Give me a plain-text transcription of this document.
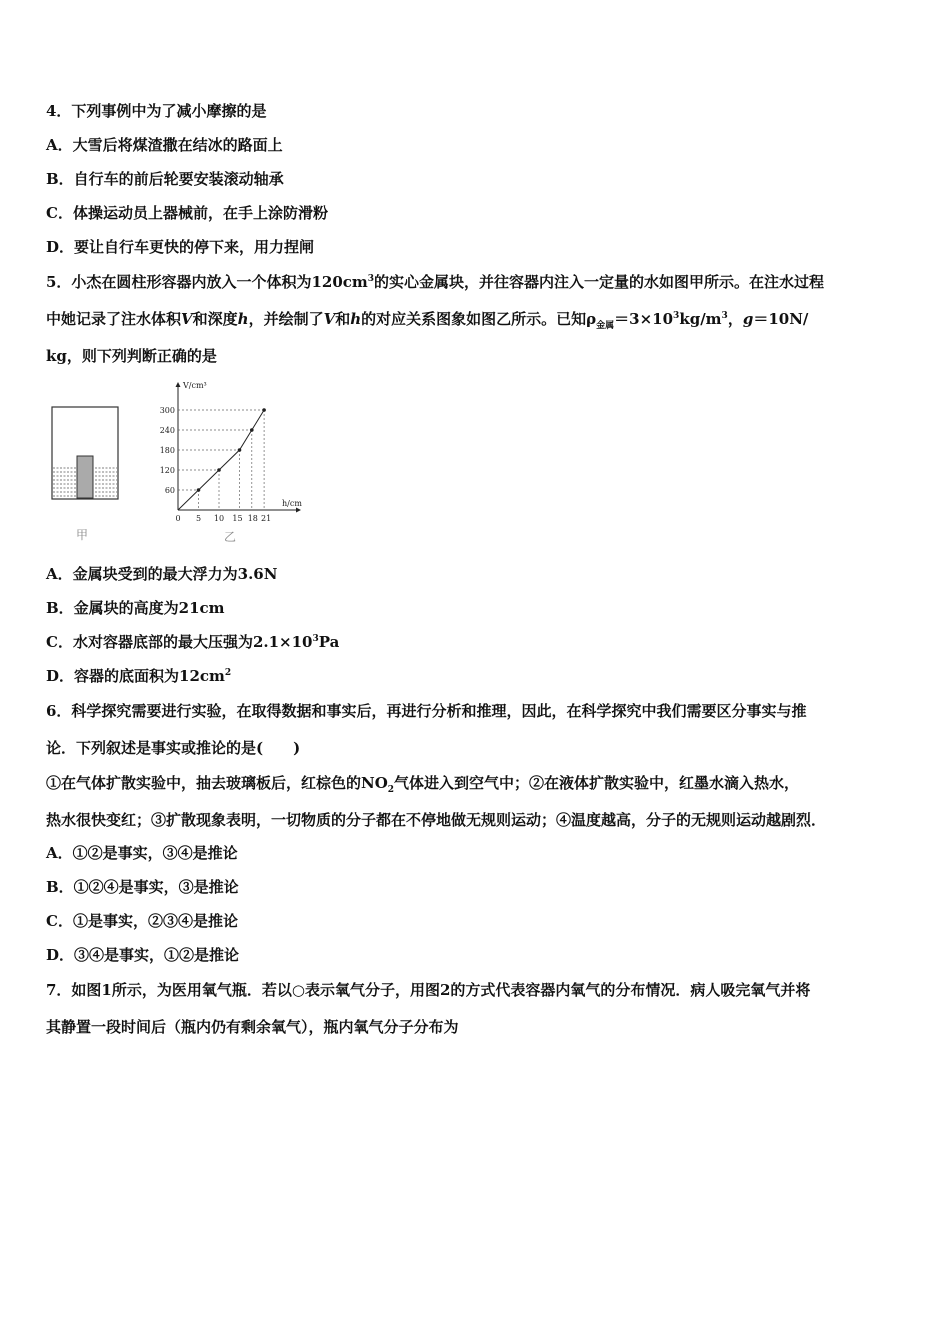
4．下列事例中为了减小摩擦的是
A．大雪后将煤渣撒在结冰的路面上
B．自行车的前后轮要安装滚动轴承
C．体操运动员上器械前，在手上涂防滑粉
D．要让自行车更快的停下来，用力捏闸
5．小杰在圆柱形容器内放入一个体积为$120cm^3$的实心金属块，并往容器内注入一定量的水如图甲所示。在注水过程
中她记录了注水体积V和深度h，并绘制了V和h的对应关系图象如图乙所示。已知$\rho_{金属}=3\times 10^3kg/m^3$，g＝10N/
kg，则下列判断正确的是
甲
V/cm³
h/cm
60
120
180
240
300
0 5 10 15 18 21
乙
A．金属块受到的最大浮力为3.6N
B．金属块的高度为21cm
C．水对容器底部的最大压强为$2.1\times 10^3Pa$
D．容器的底面积为$12cm^2$
6．科学探究需要进行实验，在取得数据和事实后，再进行分析和推理，因此，在科学探究中我们需要区分事实与推
论．下列叙述是事实或推论的是(　　)
①在气体扩散实验中，抽去玻璃板后，红棕色的$NO_2$气体进入到空气中；②在液体扩散实验中，红墨水滴入热水，
热水很快变红；③扩散现象表明，一切物质的分子都在不停地做无规则运动；④温度越高，分子的无规则运动越剧烈．
A．①②是事实，③④是推论
B．①②④是事实，③是推论
C．①是事实，②③④是推论
D．③④是事实，①②是推论
7．如图1所示，为医用氧气瓶．若以○表示氧气分子，用图2的方式代表容器内氧气的分布情况．病人吸完氧气并将
其静置一段时间后（瓶内仍有剩余氧气），瓶内氧气分子分布为
